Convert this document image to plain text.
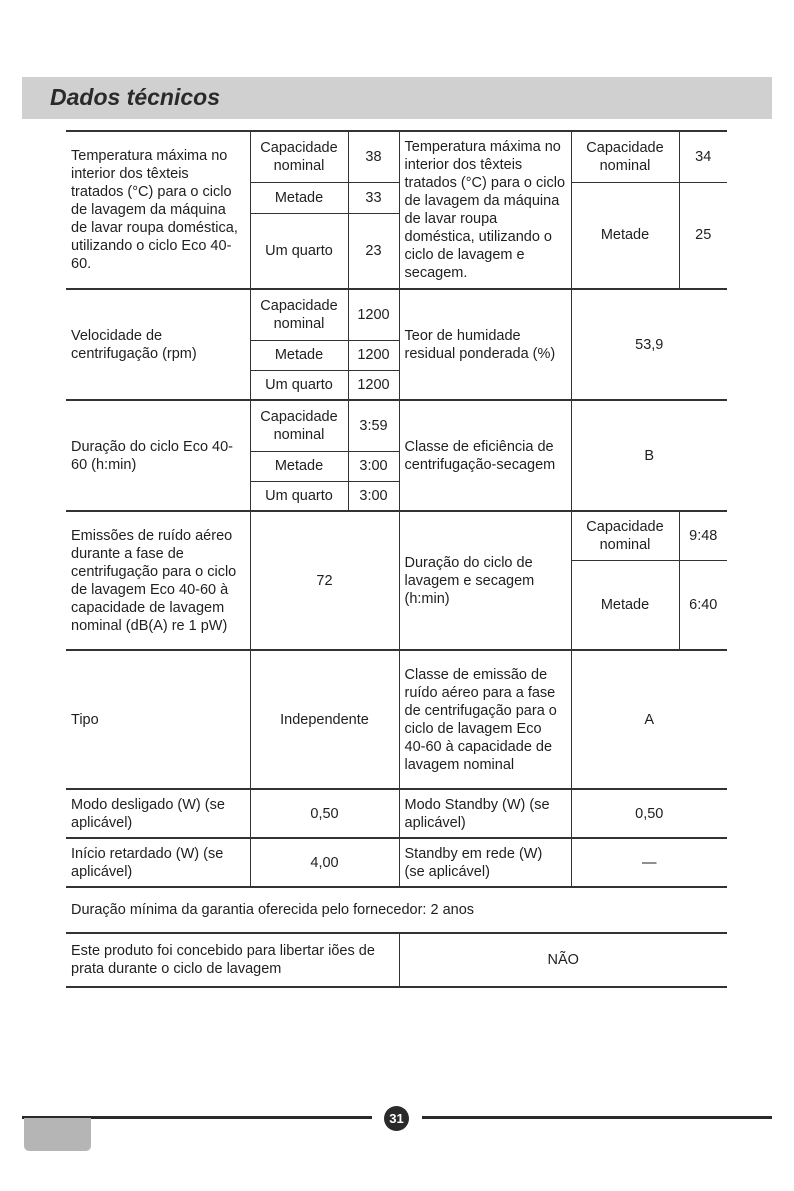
Dados técnicos
Temperatura máxima no interior dos têxteis tratados (°C) para o ciclo de lavagem da máquina de lavar roupa doméstica, utilizando o ciclo Eco 40-60.	Capacidade nominal	38	Temperatura máxima no interior dos têxteis tratados (°C) para o ciclo de lavagem da máquina de lavar roupa doméstica, utilizando o ciclo de lavagem e secagem.	Capacidade nominal	34
	Metade	33		Metade	25
	Um quarto	23			
Velocidade de centrifugação (rpm)	Capacidade nominal	1200	Teor de humidade residual ponderada (%)	53,9	
	Metade	1200			
	Um quarto	1200			
Duração do ciclo Eco 40-60 (h:min)	Capacidade nominal	3:59	Classe de eficiência de centrifugação-secagem	B	
	Metade	3:00			
	Um quarto	3:00			
Emissões de ruído aéreo durante a fase de centrifugação para o ciclo de lavagem Eco 40-60 à capacidade de lavagem nominal (dB(A) re 1 pW)	72		Duração do ciclo de lavagem e secagem (h:min)	Capacidade nominal	9:48
				Metade	6:40
Tipo	Independente		Classe de emissão de ruído aéreo para a fase de centrifugação para o ciclo de lavagem Eco 40-60 à capacidade de lavagem nominal	A	
Modo desligado (W) (se aplicável)	0,50		Modo Standby (W) (se aplicável)	0,50	
Início retardado (W) (se aplicável)	4,00		Standby em rede (W) (se aplicável)	—	
Duração mínima da garantia oferecida pelo fornecedor: 2 anos					
Este produto foi concebido para libertar iões de prata durante o ciclo de lavagem			NÃO		
31
